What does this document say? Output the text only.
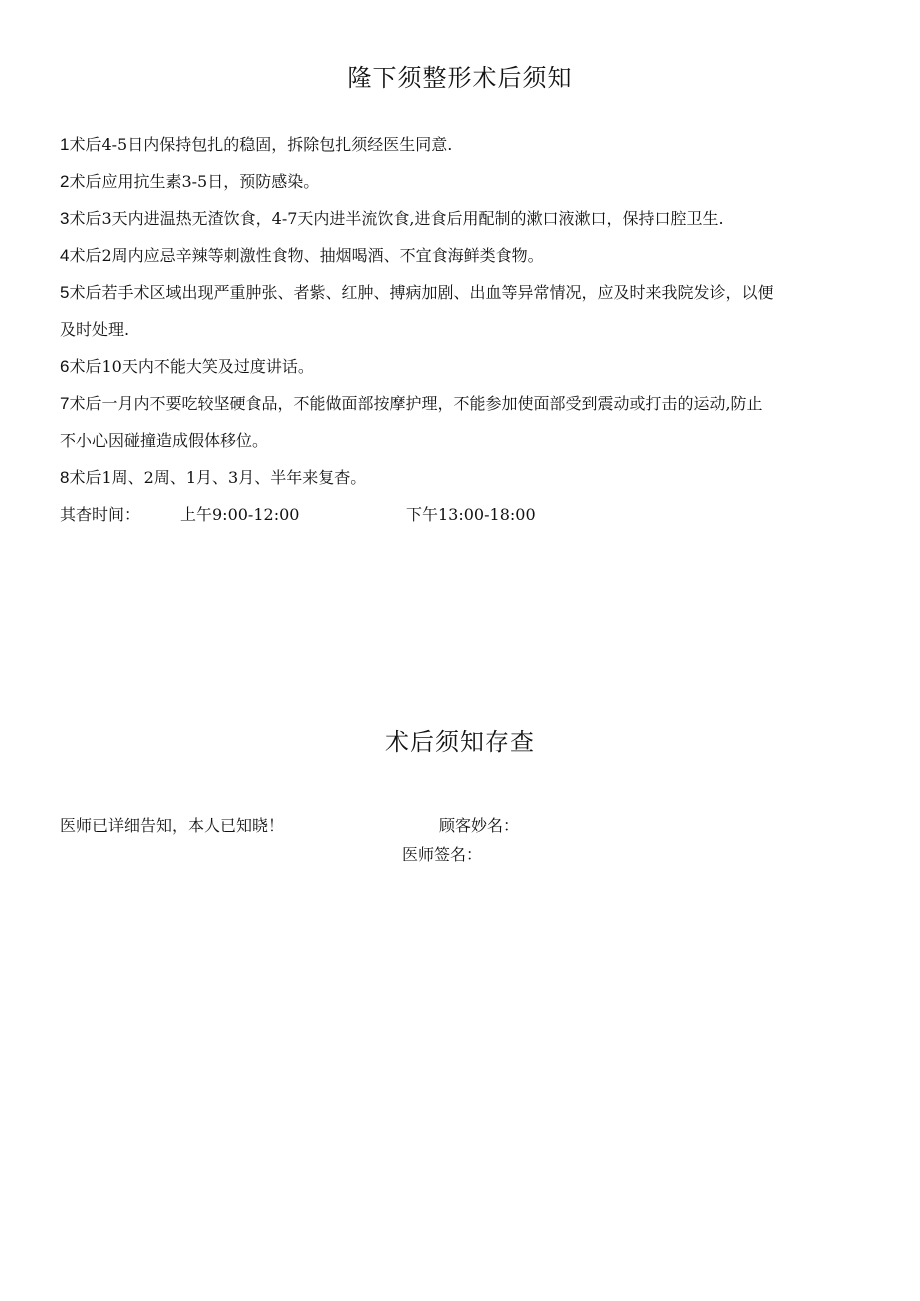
隆下须整形术后须知
1术后4-5日内保持包扎的稳固，拆除包扎须经医生同意.
2术后应用抗生素3-5日，预防感染。
3术后3天内进温热无渣饮食，4-7天内进半流饮食,进食后用配制的漱口液漱口，保持口腔卫生.
4术后2周内应忌辛辣等刺激性食物、抽烟喝酒、不宜食海鲜类食物。
5术后若手术区域出现严重肿张、者紫、红肿、搏病加剧、出血等异常情况，应及时来我院发诊，以便
及时处理.
6术后10天内不能大笑及过度讲话。
7术后一月内不要吃较坚硬食品，不能做面部按摩护理，不能参加使面部受到震动或打击的运动,防止
不小心因碰撞造成假体移位。
8术后1周、2周、1月、3月、半年来复杳。
其杳时间： 上午9:00-12:00	下午13:00-18:00
术后须知存查
医师已详细告知，本人已知晓！	顾客妙名：
医师签名：
